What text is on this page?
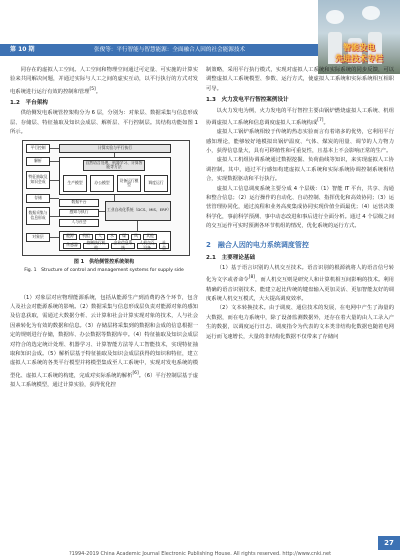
第 10 期	张俊等：平行智能与智慧能源：全面融合人因的社会能源技术	智能发电
先进技术专栏

同存在的虚拟人工空间。人工空间和物理空间通过可定量、可实施的计算实验来共同解决问题，并通过实际与人工之间的虚实互动，以平行执行的方式对发电系统进行运行有效的控制和管理[5]。

1.2　平台架构

供给侧发电系统管控架构分为 6 层，分别为：对象层、数据采集与信息形成层、存储层、特征抽取及知识会成层、解析层、平行控制层。其结构功能如图 1 所示。

平行控制
解析
特征抽取及知识会成
存储
数据采集与信息形成
对象层
计算实验与平行执行
自然语言处理、机器学习、计算智能等方法
生产模型	办公模型	设备运行模型	调度运行
数据平台
感知与执行
人与社会
工业自动化系统（DCS、MIS、ERP）
能源	机组	人	水	煤	风	其他
传感器	控制执行机构
企业信息系统
人机交互设备
社会
图 1　供给侧管控系统架构
Fig. 1　Structure of control and management systems for supply side

（1）对象层对应物理能源系统，包括从能源生产到消费的各个环节，包含人及社会对能源系统的影响。（2）数据采集与信息形成层负责对能源对象的感知及信息获取，需通过大数据分析、云计算和社会计算实现对象的技术，人与社会因素转化为有效的数据和信息。（3）存储层将采集到的数据和会成的信息根据一定的规则进行存储，数据库、办公数据等数据库中。（4）特征抽取及知识会成层对符合的选定统计处理、机器学习、计算智能方法等人工智能技术，实现特征抽取和知识会成。（5）解析层基于特征抽取及知识会成层获得的知识和特征，建立虚拟人工系统的各类平行模型并将模型集成至人工系统中，实现对发电系统的模型化、虚拟人工系统的构建，完成对实际系统的解析[6]。（6）平行控制层基于虚拟人工系统模型，通过计算实验，获得优化控

制策略，采用平行执行模式，实现对虚拟人工系统和实际系统的同步反馈，可以调整虚拟人工系统模型、参数、运行方式，使虚拟人工系统和实际系统相互相职可导。

1.3　火力发电平行智控案例设计

以火力发电为例，火力发电的平行智控主要由锅炉燃烧虚拟人工系统、机组协调虚拟人工系统和信息调度虚拟人工系统构成[7]。

虚拟人工锅炉系统相较于传统的热态实验而言有着诸多的优势，它利用平行感知理论，能够较好地模拟出锅炉温度、气体、煤炭的用量、调节的人力物力小，获得信息量大，具有可移植性和可重复性，且基本上不会影响正常的生产。

虚拟人工机组协调系统通过数据挖掘、负荷曲线等知识，来实现虚拟人工协调控制。其中，通过平行感知构建虚拟人工系统和实际系统协调控制系统相结合，实现数据驱动和平行执行。

虚拟人工信息调度系统主要分成 4 个层级：（1）智能 IT 平台，共享、沟通和整合信息；（2）运行操作的自动化、自动控制、指挥优化和高效协同；（3）运营管理协同化，通过流程和业务高度集成协同实现价值全面最优；（4）运营决策科学化，事前科学预测、事中动态改进和事后进行全面分析。通过 4 个层级之间的交互运作可实时预测各环节机组的情况，优化系统的运行方式。

2　融合人因的电力系统调度管控
2.1　主要理论基础

（1）基于语言识别的人机交互技术。语音识别的根源就将人的语音信号转化为文字或者命令[8]，而人机交互则是研究人和计算机相互间影响的技术。利用精确的语音识别技术，能建立起比传统的键盘输入更加灵活、更加智能友好的调度系统人机交互模式，大大提高调度效率。

（2）文本转换技术。由于调度、通信技术的发展，在电网中产生了海量的大数据，而在电力系统中，除了设备监测数据外，还存在着大量的由人工录入产生的数据，以调度运行日志、调度指令为代表的文本类非结构化数据也随着电网运行而飞速增长，大量的非结构化数据不仅带来了存储问

27
?1994-2019 China Academic Journal Electronic Publishing House. All rights reserved. http://www.cnki.net
